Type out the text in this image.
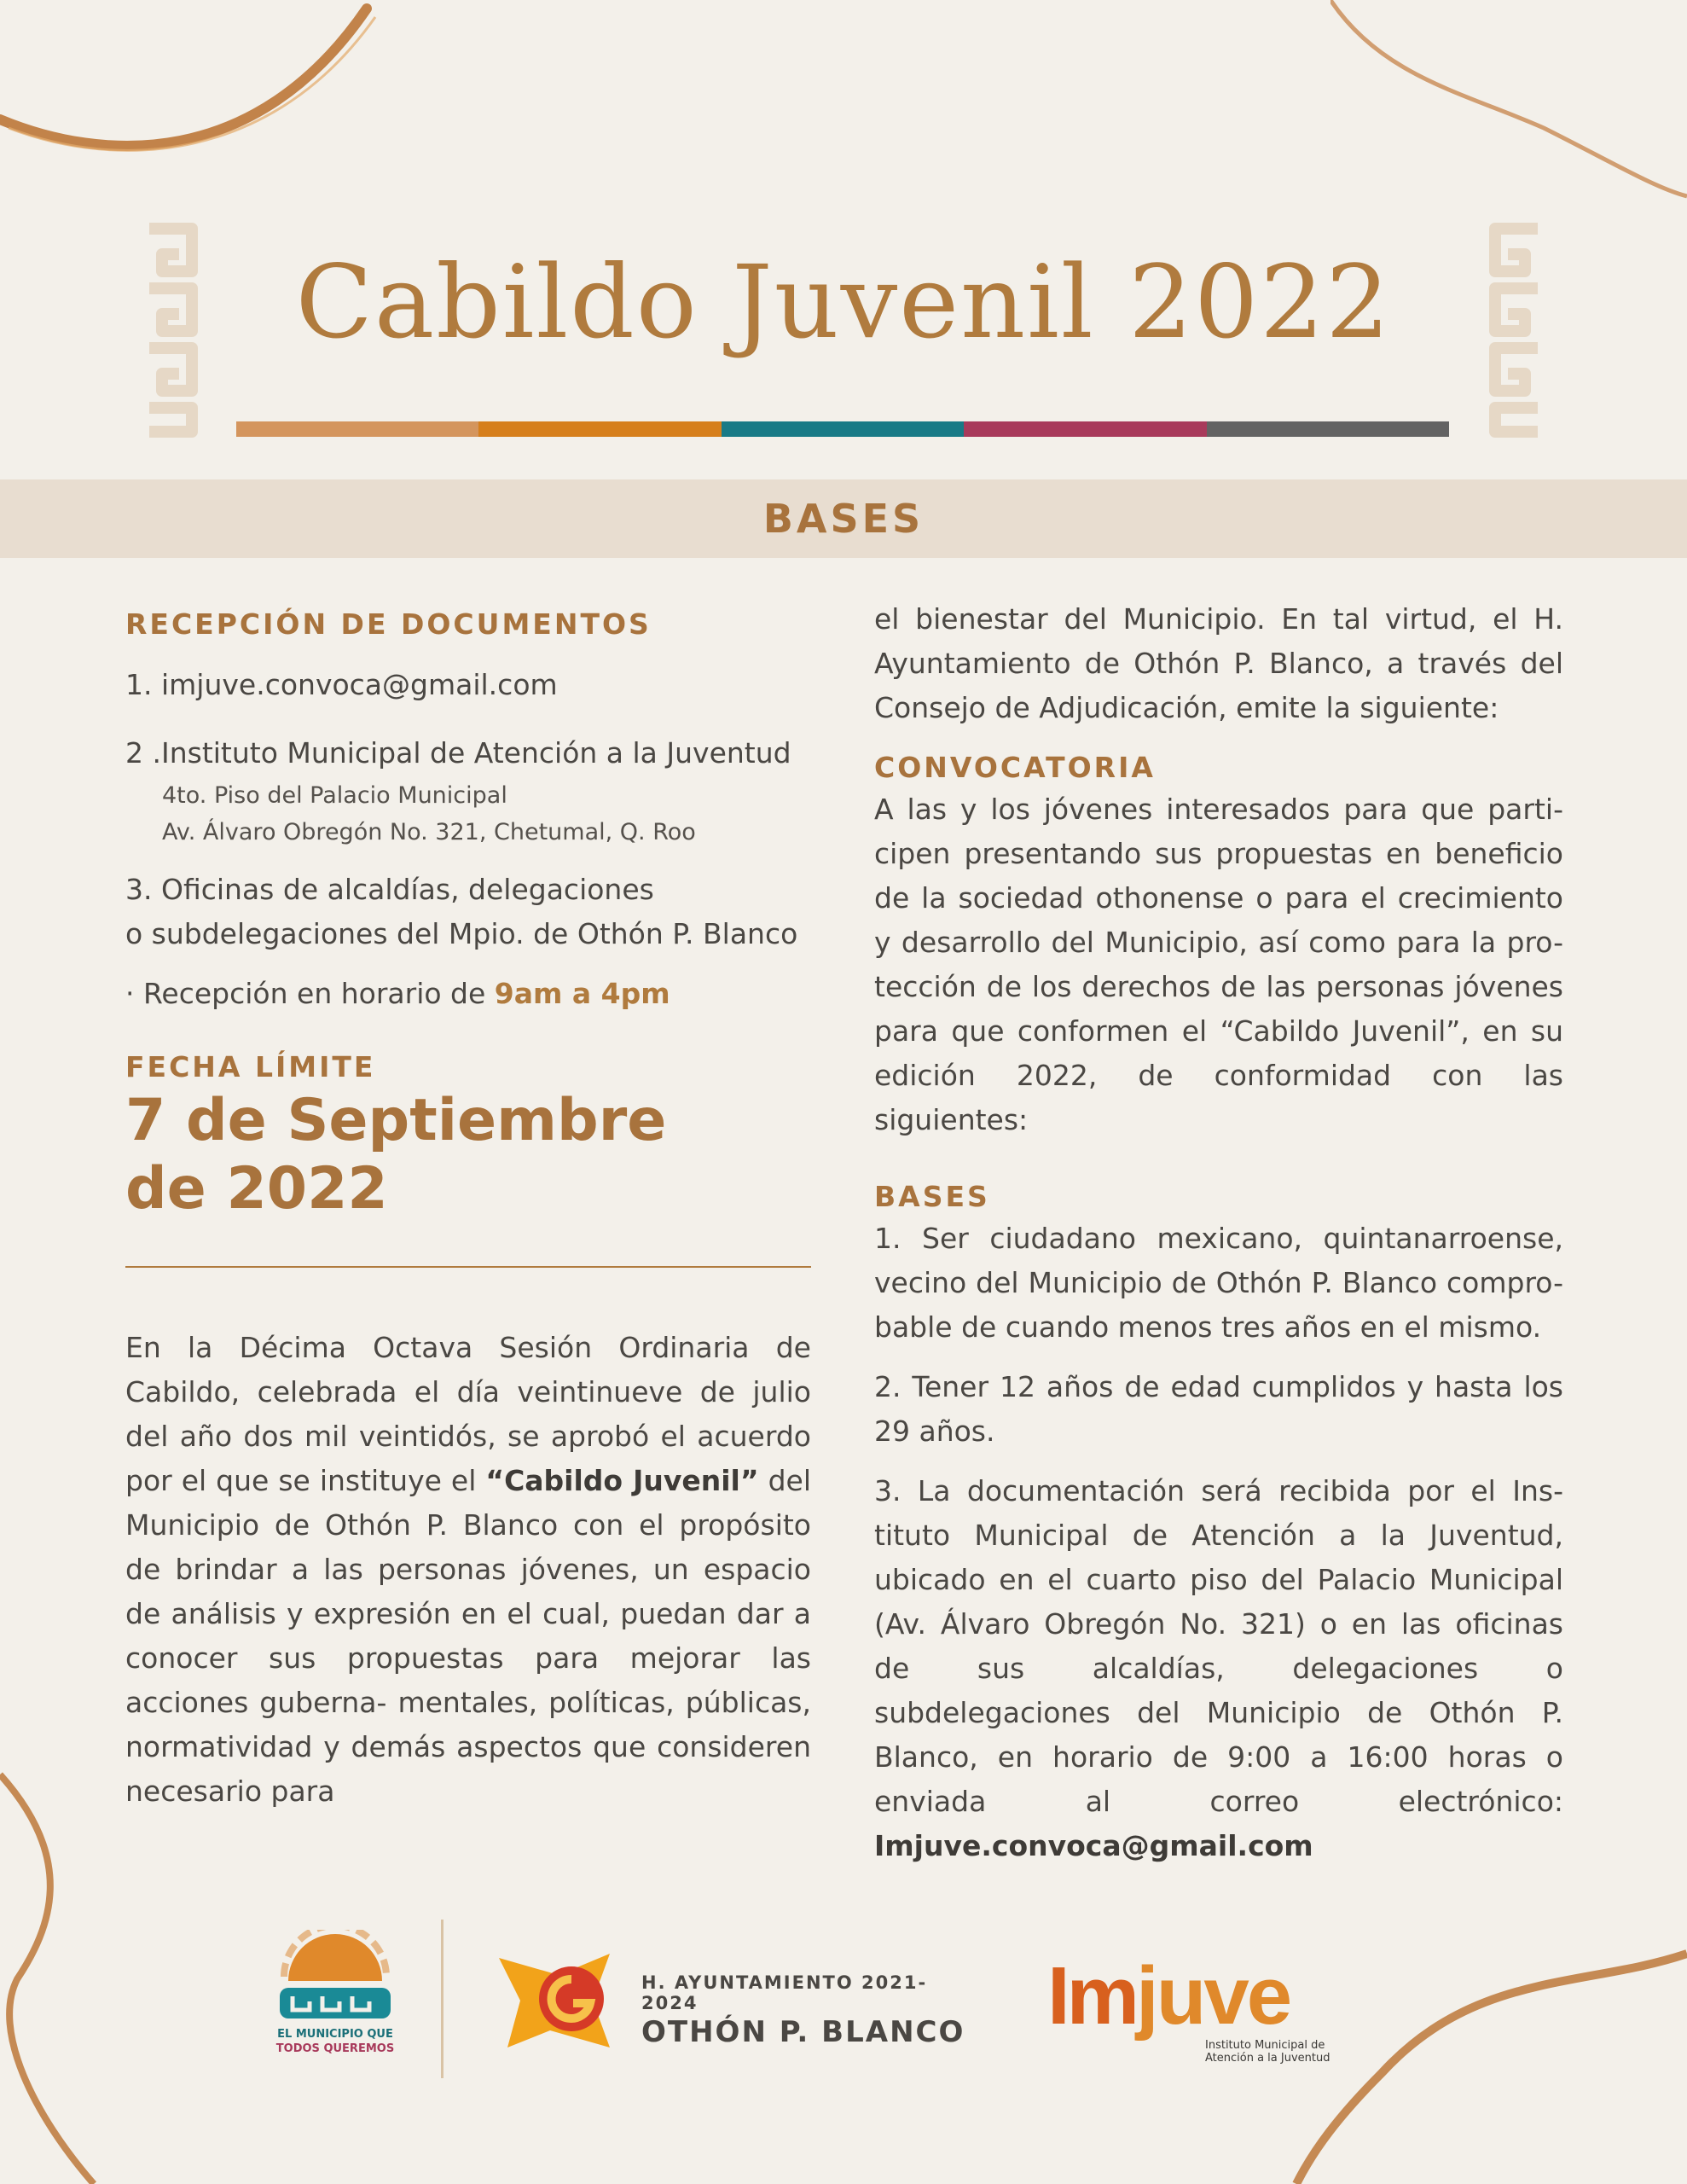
Cabildo Juvenil 2022
BASES
RECEPCIÓN DE DOCUMENTOS
1. imjuve.convoca@gmail.com
2 .Instituto Municipal de Atención a la Juventud
4to. Piso del Palacio Municipal
Av. Álvaro Obregón No. 321, Chetumal, Q. Roo
3. Oficinas de alcaldías, delegaciones
o subdelegaciones del Mpio. de Othón P. Blanco
· Recepción en horario de 9am a 4pm
FECHA LÍMITE
7 de Septiembre
de 2022
En la Décima Octava Sesión Ordinaria de Cabildo, celebrada el día veintinueve de julio del año dos mil veintidós, se aprobó el acuerdo por el que se instituye el “Cabildo Juvenil” del Municipio de Othón P. Blanco con el propósito de brindar a las personas jóvenes, un espacio de análisis y expresión en el cual, puedan dar a conocer sus propuestas para mejorar las acciones guberna- mentales, políticas, públicas, normatividad y demás aspectos que consideren necesario para
el bienestar del Municipio. En tal virtud, el H. Ayuntamiento de Othón P. Blanco, a través del Consejo de Adjudicación, emite la siguiente:
CONVOCATORIA
A las y los jóvenes interesados para que parti- cipen presentando sus propuestas en beneficio de la sociedad othonense o para el crecimiento y desarrollo del Municipio, así como para la pro- tección de los derechos de las personas jóvenes para que conformen el “Cabildo Juvenil”, en su edición 2022, de conformidad con las siguientes:
BASES
1. Ser ciudadano mexicano, quintanarroense, vecino del Municipio de Othón P. Blanco compro- bable de cuando menos tres años en el mismo.
2. Tener 12 años de edad cumplidos y hasta los 29 años.
3. La documentación será recibida por el Ins- tituto Municipal de Atención a la Juventud, ubicado en el cuarto piso del Palacio Municipal (Av. Álvaro Obregón No. 321) o en las oficinas de sus alcaldías, delegaciones o subdelegaciones del Municipio de Othón P. Blanco, en horario de 9:00 a 16:00 horas o enviada al correo electrónico: Imjuve.convoca@gmail.com
EL MUNICIPIO QUE
TODOS QUEREMOS
H. AYUNTAMIENTO 2021-2024
OTHÓN P. BLANCO Imjuve
Instituto Municipal de
Atención a la Juventud
